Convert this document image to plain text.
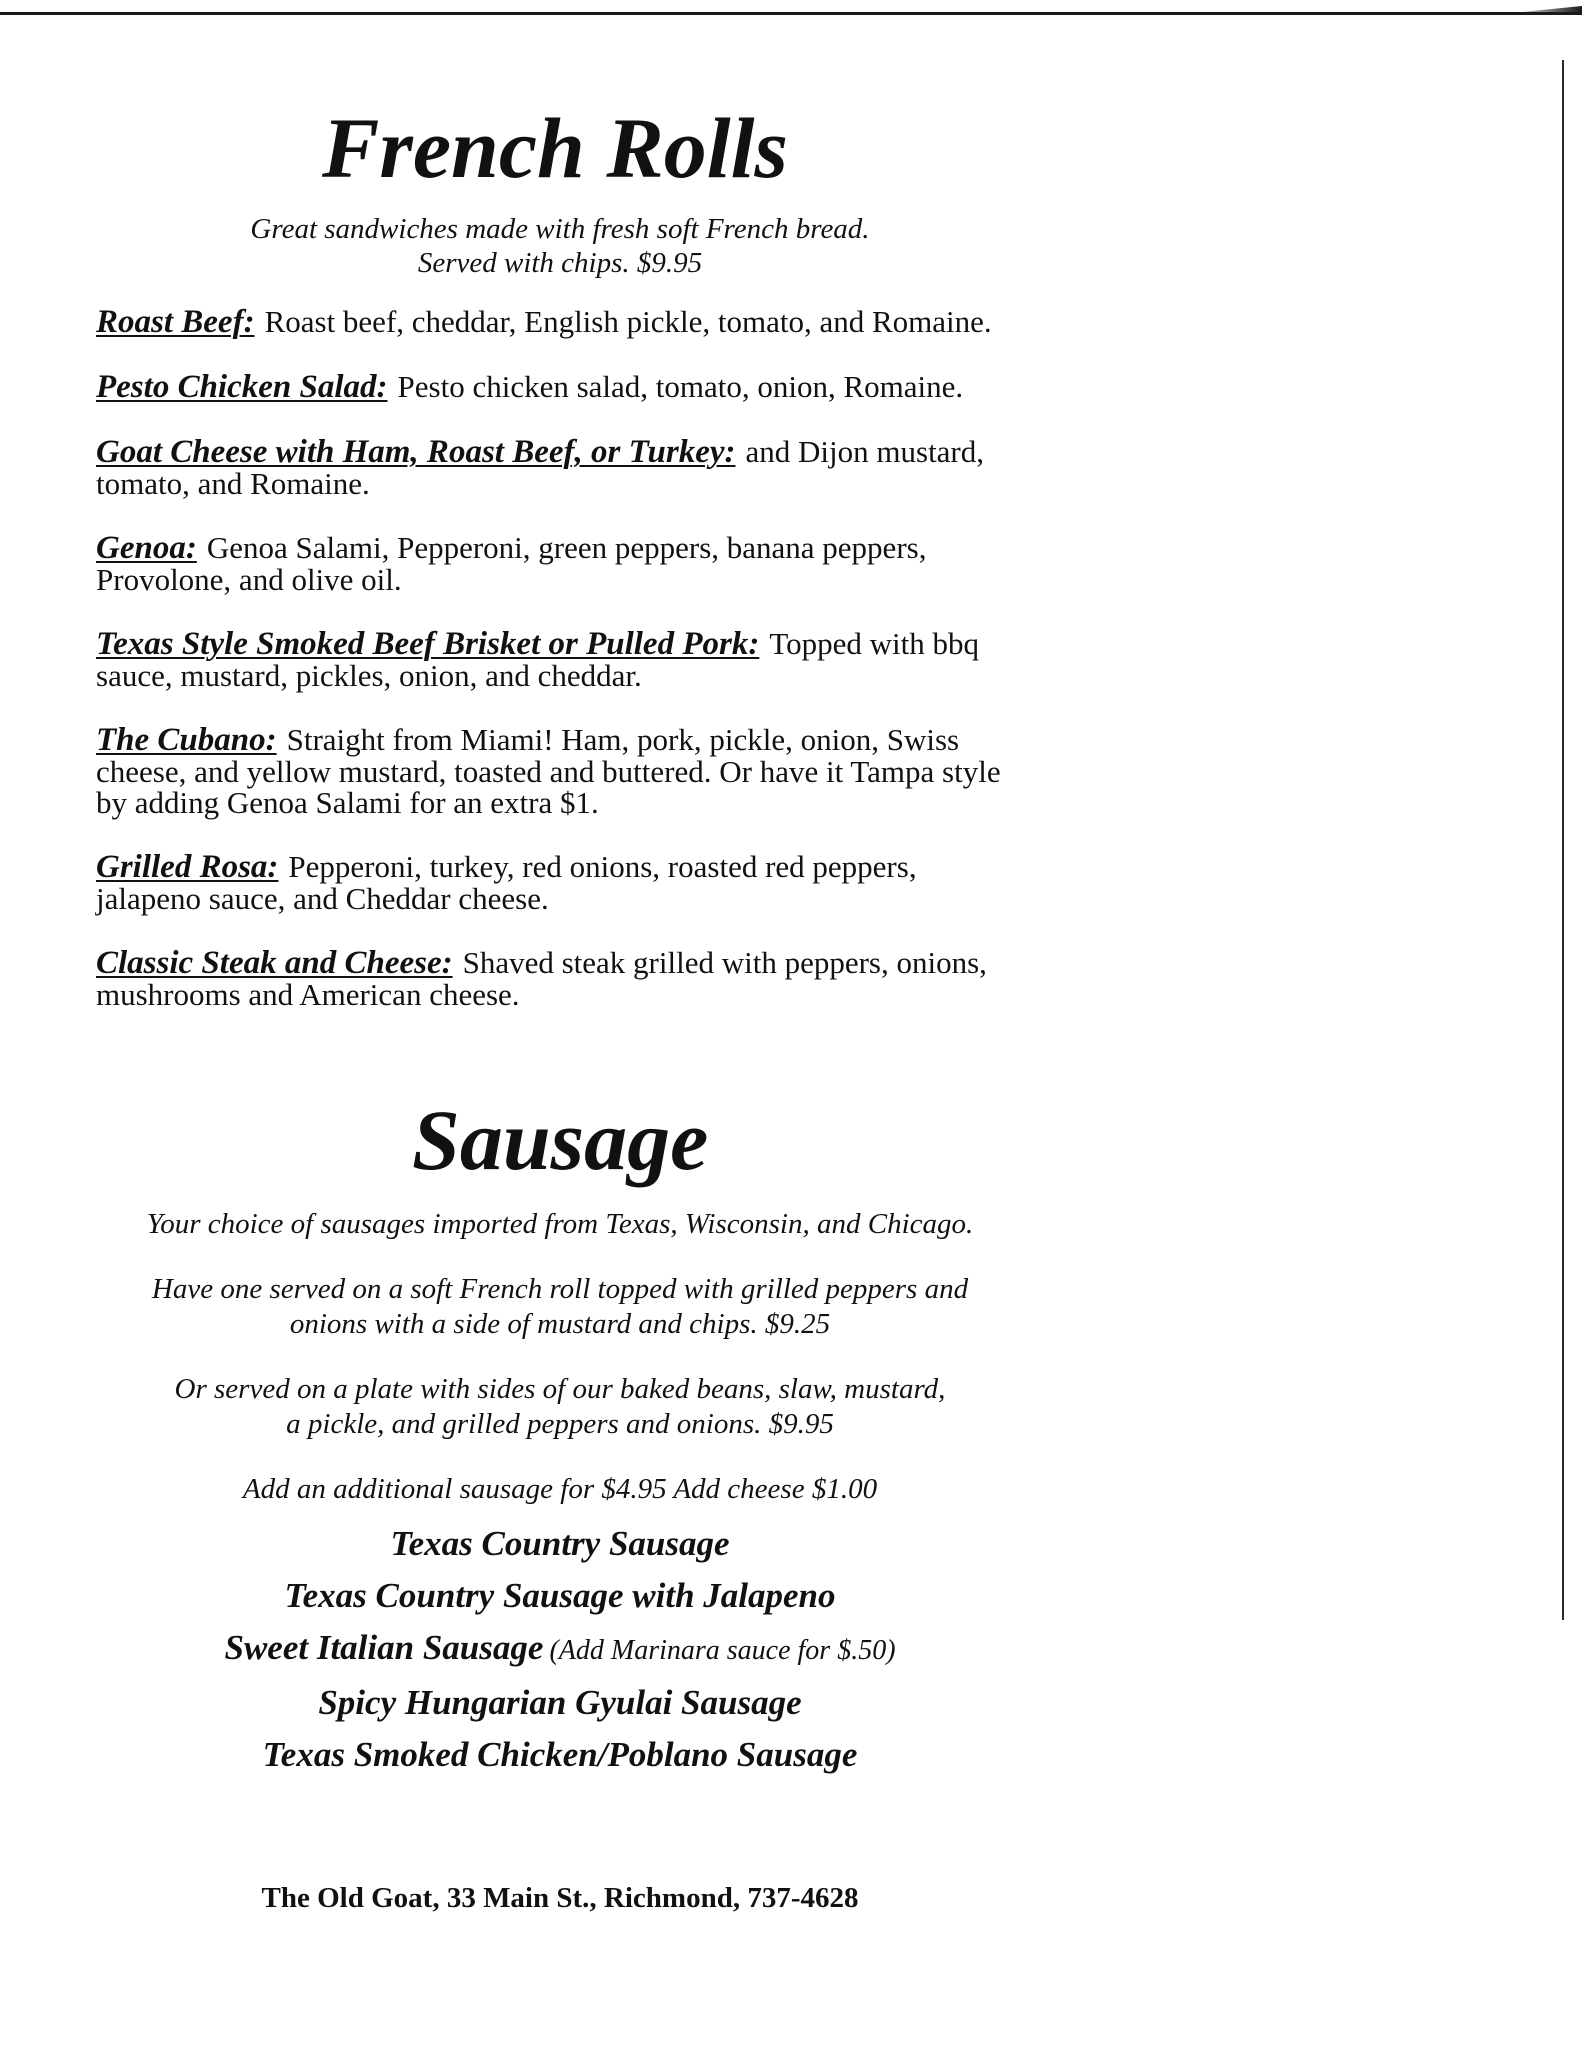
French Rolls

Great sandwiches made with fresh soft French bread.
Served with chips. $9.95

Roast Beef: Roast beef, cheddar, English pickle, tomato, and Romaine.

Pesto Chicken Salad: Pesto chicken salad, tomato, onion, Romaine.

Goat Cheese with Ham, Roast Beef, or Turkey: and Dijon mustard, tomato, and Romaine.

Genoa: Genoa Salami, Pepperoni, green peppers, banana peppers, Provolone, and olive oil.

Texas Style Smoked Beef Brisket or Pulled Pork: Topped with bbq sauce, mustard, pickles, onion, and cheddar.

The Cubano: Straight from Miami! Ham, pork, pickle, onion, Swiss cheese, and yellow mustard, toasted and buttered. Or have it Tampa style by adding Genoa Salami for an extra $1.

Grilled Rosa: Pepperoni, turkey, red onions, roasted red peppers, jalapeno sauce, and Cheddar cheese.

Classic Steak and Cheese: Shaved steak grilled with peppers, onions, mushrooms and American cheese.

Sausage

Your choice of sausages imported from Texas, Wisconsin, and Chicago.

Have one served on a soft French roll topped with grilled peppers and
onions with a side of mustard and chips. $9.25

Or served on a plate with sides of our baked beans, slaw, mustard,
a pickle, and grilled peppers and onions. $9.95

Add an additional sausage for $4.95 Add cheese $1.00

Texas Country Sausage
Texas Country Sausage with Jalapeno
Sweet Italian Sausage (Add Marinara sauce for $.50)
Spicy Hungarian Gyulai Sausage
Texas Smoked Chicken/Poblano Sausage

The Old Goat, 33 Main St., Richmond, 737-4628
